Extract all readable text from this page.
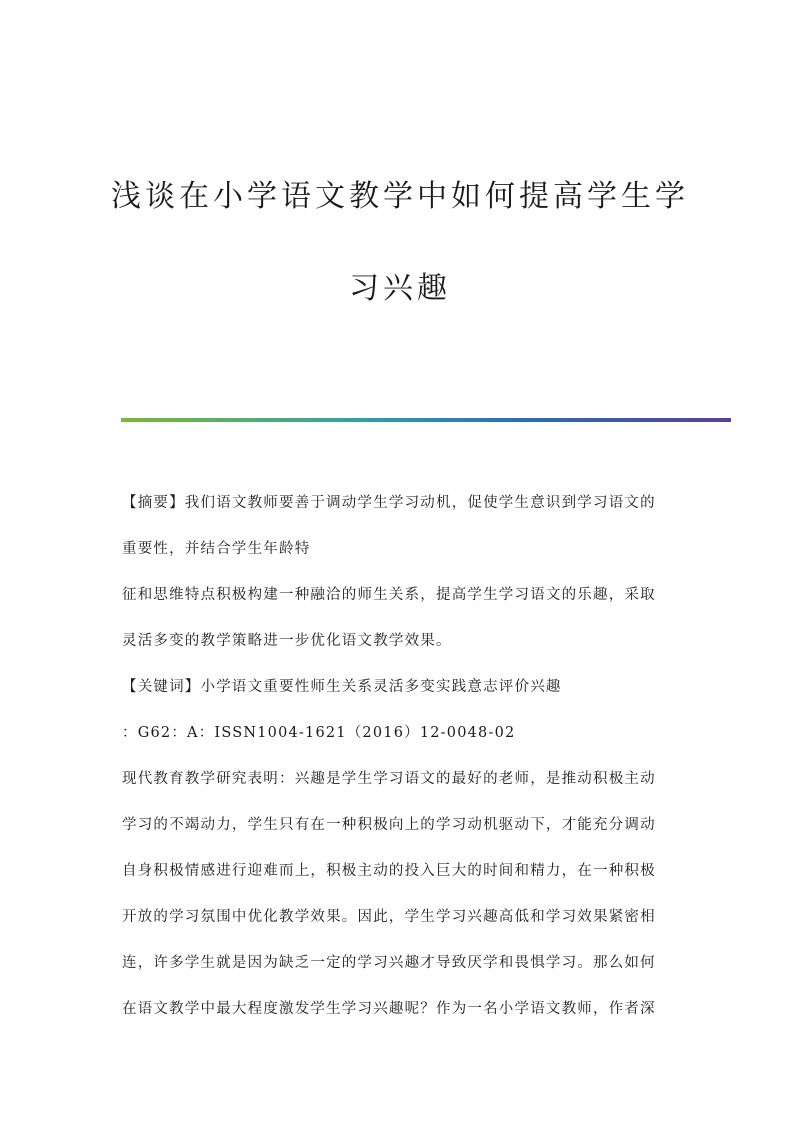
浅谈在小学语文教学中如何提高学生学
习兴趣
【摘要】我们语文教师要善于调动学生学习动机，促使学生意识到学习语文的
重要性，并结合学生年龄特
征和思维特点积极构建一种融洽的师生关系，提高学生学习语文的乐趣，采取
灵活多变的教学策略进一步优化语文教学效果。
【关键词】小学语文重要性师生关系灵活多变实践意志评价兴趣
：G62：A：ISSN1004-1621（2016）12-0048-02
现代教育教学研究表明：兴趣是学生学习语文的最好的老师，是推动积极主动
学习的不竭动力，学生只有在一种积极向上的学习动机驱动下，才能充分调动
自身积极情感进行迎难而上，积极主动的投入巨大的时间和精力，在一种积极
开放的学习氛围中优化教学效果。因此，学生学习兴趣高低和学习效果紧密相
连，许多学生就是因为缺乏一定的学习兴趣才导致厌学和畏惧学习。那么如何
在语文教学中最大程度激发学生学习兴趣呢？作为一名小学语文教师，作者深
